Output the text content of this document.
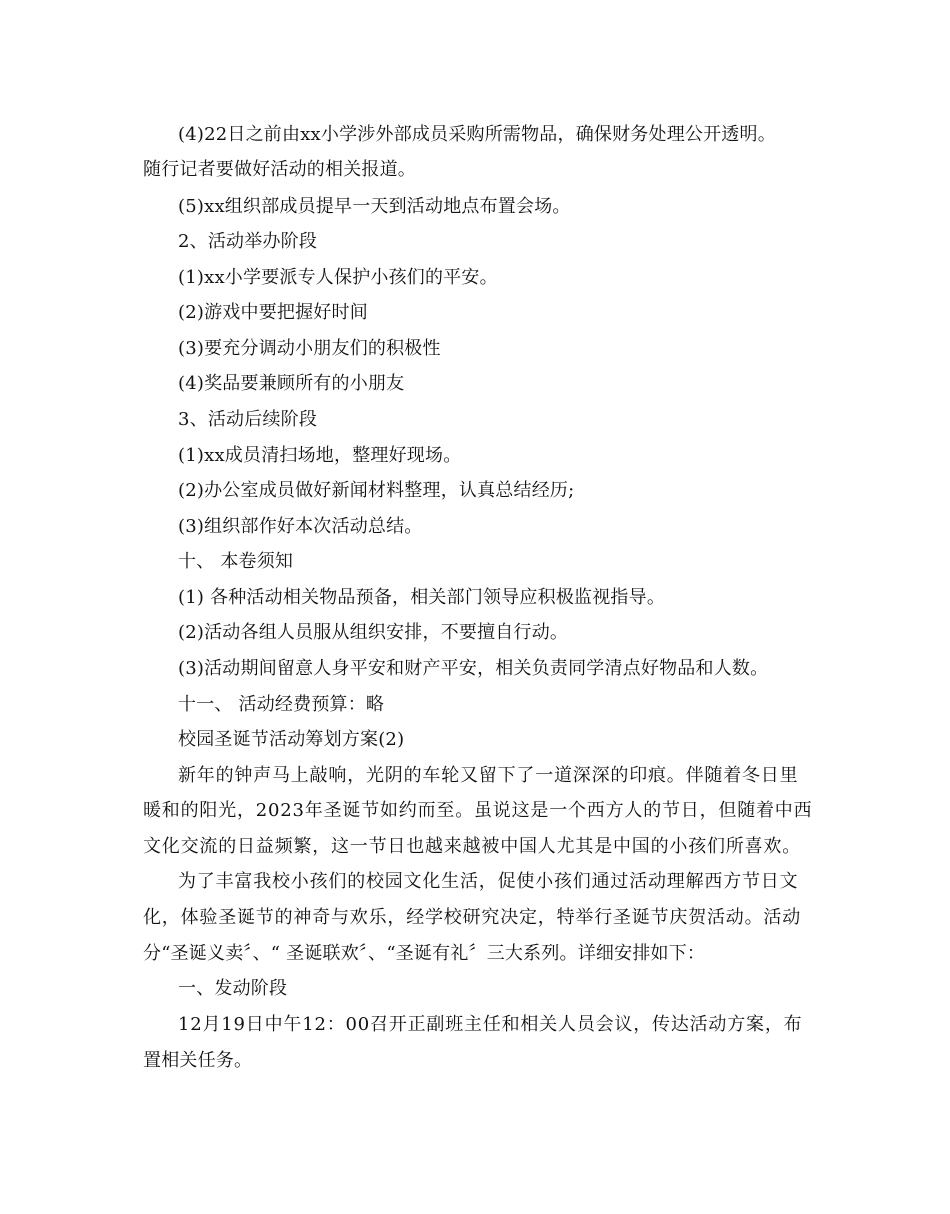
(4)22日之前由xx小学涉外部成员采购所需物品，确保财务处理公开透明。
随行记者要做好活动的相关报道。
(5)xx组织部成员提早一天到活动地点布置会场。
2、活动举办阶段
(1)xx小学要派专人保护小孩们的平安。
(2)游戏中要把握好时间
(3)要充分调动小朋友们的积极性
(4)奖品要兼顾所有的小朋友
3、活动后续阶段
(1)xx成员清扫场地，整理好现场。
(2)办公室成员做好新闻材料整理，认真总结经历;
(3)组织部作好本次活动总结。
十、 本卷须知
(1) 各种活动相关物品预备，相关部门领导应积极监视指导。
(2)活动各组人员服从组织安排，不要擅自行动。
(3)活动期间留意人身平安和财产平安，相关负责同学清点好物品和人数。
十一、 活动经费预算：略
校园圣诞节活动筹划方案(2)
新年的钟声马上敲响，光阴的车轮又留下了一道深深的印痕。伴随着冬日里
暖和的阳光，2023年圣诞节如约而至。虽说这是一个西方人的节日，但随着中西
文化交流的日益频繁，这一节日也越来越被中国人尤其是中国的小孩们所喜欢。
为了丰富我校小孩们的校园文化生活，促使小孩们通过活动理解西方节日文
化，体验圣诞节的神奇与欢乐，经学校研究决定，特举行圣诞节庆贺活动。活动
分“圣诞义卖〞、“ 圣诞联欢〞、“圣诞有礼〞三大系列。详细安排如下：
一、发动阶段
12月19日中午12：00召开正副班主任和相关人员会议，传达活动方案，布
置相关任务。
